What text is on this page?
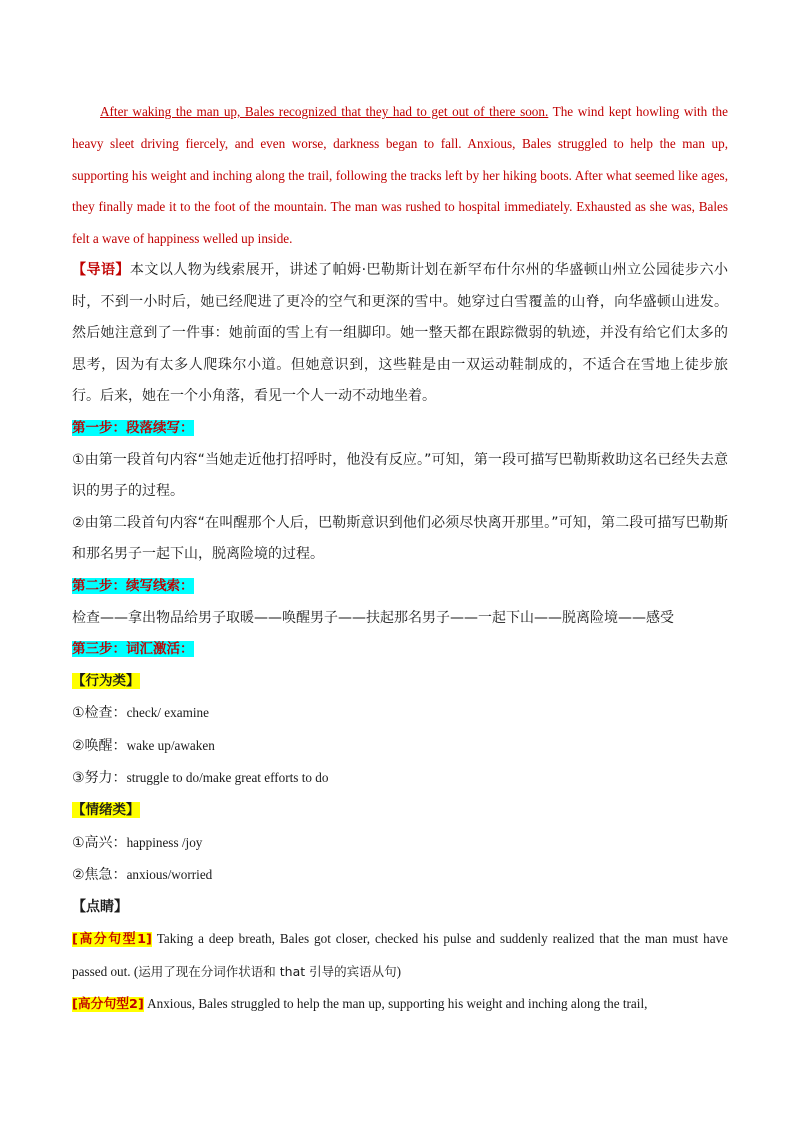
After waking the man up, Bales recognized that they had to get out of there soon. The wind kept howling with the heavy sleet driving fiercely, and even worse, darkness began to fall. Anxious, Bales struggled to help the man up, supporting his weight and inching along the trail, following the tracks left by her hiking boots. After what seemed like ages, they finally made it to the foot of the mountain. The man was rushed to hospital immediately. Exhausted as she was, Bales felt a wave of happiness welled up inside.

【导语】本文以人物为线索展开，讲述了帕姆·巴勒斯计划在新罕布什尔州的华盛顿山州立公园徒步六小时，不到一小时后，她已经爬进了更冷的空气和更深的雪中。她穿过白雪覆盖的山脊，向华盛顿山进发。然后她注意到了一件事：她前面的雪上有一组脚印。她一整天都在跟踪微弱的轨迹，并没有给它们太多的思考，因为有太多人爬珠尔小道。但她意识到，这些鞋是由一双运动鞋制成的，不适合在雪地上徒步旅行。后来，她在一个小角落，看见一个人一动不动地坐着。

第一步：段落续写：

①由第一段首句内容“当她走近他打招呼时，他没有反应。”可知，第一段可描写巴勒斯救助这名已经失去意识的男子的过程。

②由第二段首句内容“在叫醒那个人后，巴勒斯意识到他们必须尽快离开那里。”可知，第二段可描写巴勒斯和那名男子一起下山，脱离险境的过程。

第二步：续写线索：

检查——拿出物品给男子取暖——唤醒男子——扶起那名男子——一起下山——脱离险境——感受

第三步：词汇激活：

【行为类】

①检查：check/ examine

②唤醒：wake up/awaken

③努力：struggle to do/make great efforts to do

【情绪类】

①高兴：happiness /joy

②焦急：anxious/worried

【点睛】

[高分句型1] Taking a deep breath, Bales got closer, checked his pulse and suddenly realized that the man must have passed out. (运用了现在分词作状语和 that 引导的宾语从句)

[高分句型2] Anxious, Bales struggled to help the man up, supporting his weight and inching along the trail,
